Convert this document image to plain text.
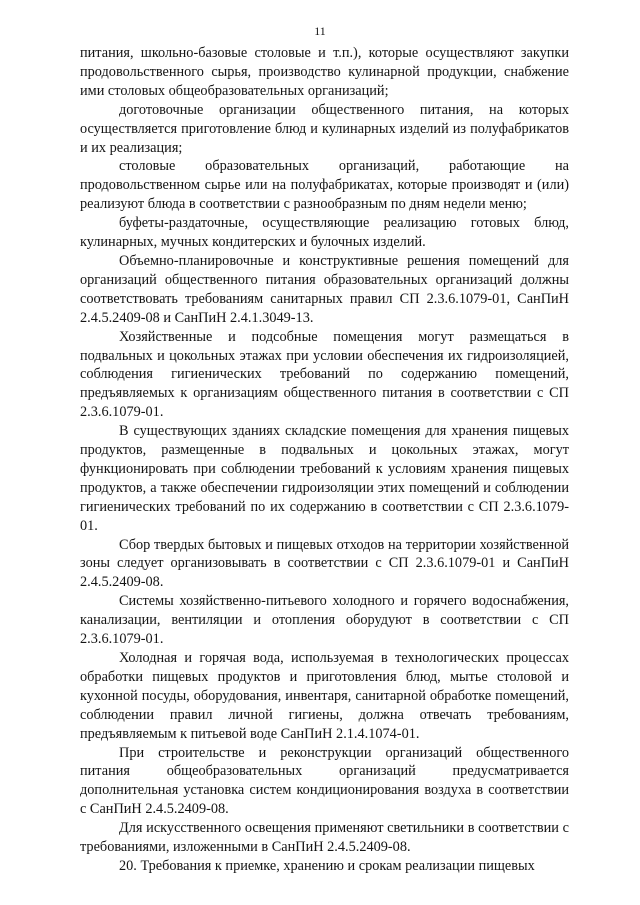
11

питания, школьно-базовые столовые и т.п.), которые осуществляют закупки продовольственного сырья, производство кулинарной продукции, снабжение ими столовых общеобразовательных организаций;

доготовочные организации общественного питания, на которых осуществляется приготовление блюд и кулинарных изделий из полуфабрикатов и их реализация;

столовые образовательных организаций, работающие на продовольственном сырье или на полуфабрикатах, которые производят и (или) реализуют блюда в соответствии с разнообразным по дням недели меню;

буфеты-раздаточные, осуществляющие реализацию готовых блюд, кулинарных, мучных кондитерских и булочных изделий.

Объемно-планировочные и конструктивные решения помещений для организаций общественного питания образовательных организаций должны соответствовать требованиям санитарных правил СП 2.3.6.1079-01, СанПиН 2.4.5.2409-08 и СанПиН 2.4.1.3049-13.

Хозяйственные и подсобные помещения могут размещаться в подвальных и цокольных этажах при условии обеспечения их гидроизоляцией, соблюдения гигиенических требований по содержанию помещений, предъявляемых к организациям общественного питания в соответствии с СП 2.3.6.1079-01.

В существующих зданиях складские помещения для хранения пищевых продуктов, размещенные в подвальных и цокольных этажах, могут функционировать при соблюдении требований к условиям хранения пищевых продуктов, а также обеспечении гидроизоляции этих помещений и соблюдении гигиенических требований по их содержанию в соответствии с СП 2.3.6.1079-01.

Сбор твердых бытовых и пищевых отходов на территории хозяйственной зоны следует организовывать в соответствии с СП 2.3.6.1079-01 и СанПиН 2.4.5.2409-08.

Системы хозяйственно-питьевого холодного и горячего водоснабжения, канализации, вентиляции и отопления оборудуют в соответствии с СП 2.3.6.1079-01.

Холодная и горячая вода, используемая в технологических процессах обработки пищевых продуктов и приготовления блюд, мытье столовой и кухонной посуды, оборудования, инвентаря, санитарной обработке помещений, соблюдении правил личной гигиены, должна отвечать требованиям, предъявляемым к питьевой воде СанПиН 2.1.4.1074-01.

При строительстве и реконструкции организаций общественного питания общеобразовательных организаций предусматривается дополнительная установка систем кондиционирования воздуха в соответствии с СанПиН 2.4.5.2409-08.

Для искусственного освещения применяют светильники в соответствии с требованиями, изложенными в СанПиН 2.4.5.2409-08.

20. Требования к приемке, хранению и срокам реализации пищевых
